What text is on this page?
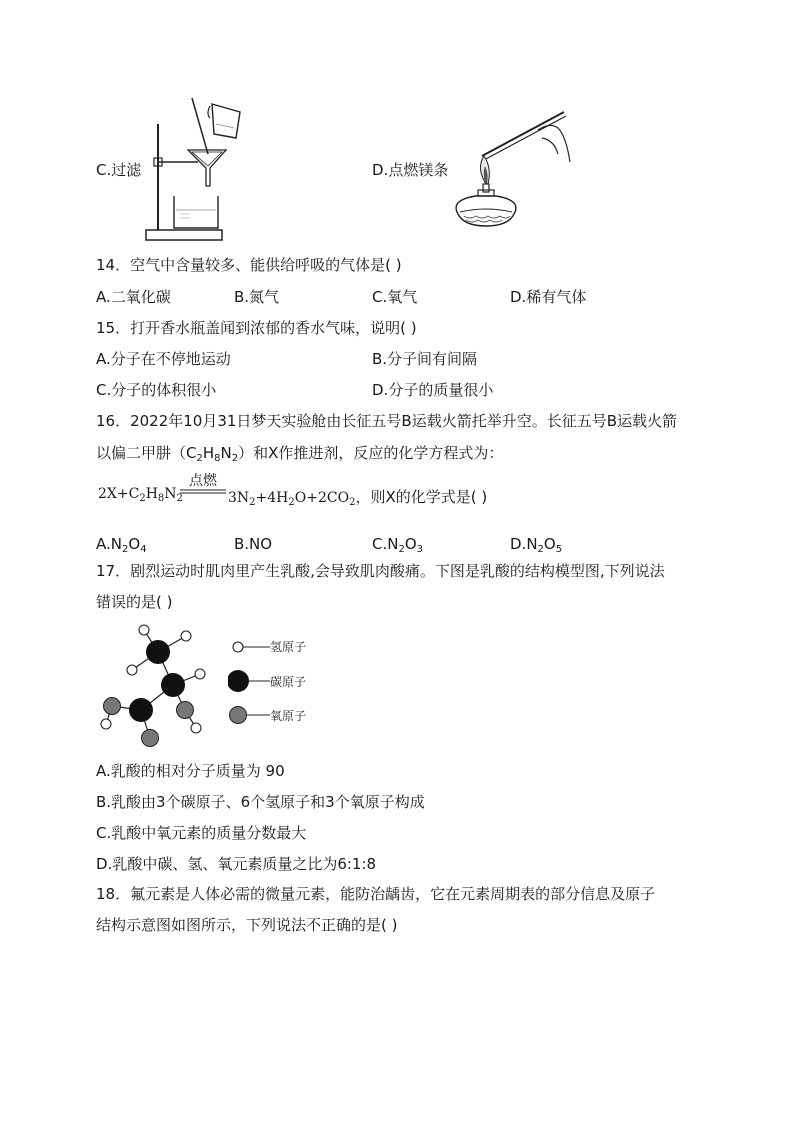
C.过滤	D.点燃镁条
14．空气中含量较多、能供给呼吸的气体是( )
A.二氧化碳	B.氮气	C.氧气	D.稀有气体
15．打开香水瓶盖闻到浓郁的香水气味，说明( )
A.分子在不停地运动	B.分子间有间隔
C.分子的体积很小	D.分子的质量很小
16．2022年10月31日梦天实验舱由长征五号B运载火箭托举升空。长征五号B运载火箭
以偏二甲肼$(C_2H_8N_2)$和X作推进剂，反应的化学方程式为：
$2X+C_2H_8N_2$
点燃
$3N_2+4H_2O+2CO_2$，则X的化学式是( )
$A.N_2O_4$	B.NO	$C.N_2O_3$	$D.N_2O_5$
17．剧烈运动时肌肉里产生乳酸,会导致肌肉酸痛。下图是乳酸的结构模型图,下列说法
错误的是( )
氢原子
碳原子
氧原子
A.乳酸的相对分子质量为 90
B.乳酸由3个碳原子、6个氢原子和3个氧原子构成
C.乳酸中氧元素的质量分数最大
D.乳酸中碳、氢、氧元素质量之比为6:1:8
18．氟元素是人体必需的微量元素，能防治龋齿，它在元素周期表的部分信息及原子
结构示意图如图所示，下列说法不正确的是( )
